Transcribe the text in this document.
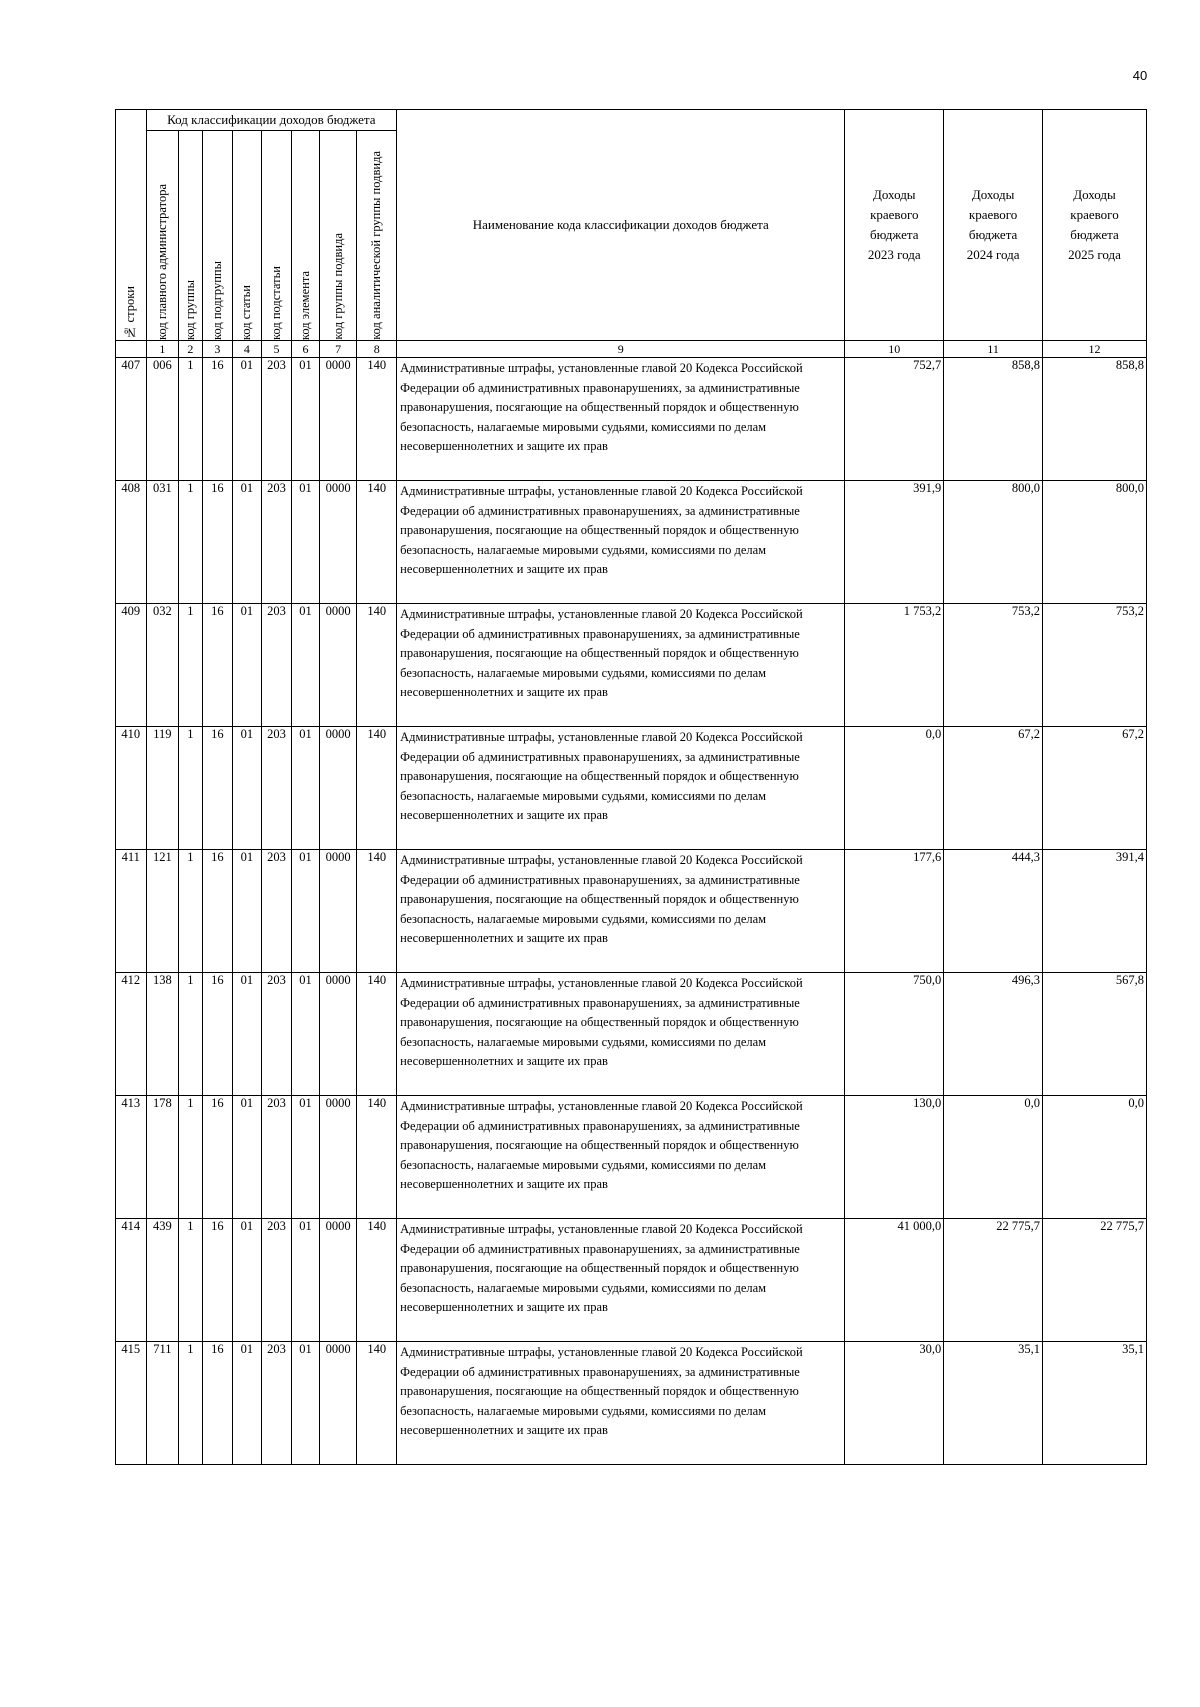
40
№ строки	Код классификации доходов бюджета								Наименование кода классификации доходов бюджета	Доходы краевого бюджета 2023 года	Доходы краевого бюджета 2024 года	Доходы краевого бюджета 2025 года

	код главного администратора	код группы	код подгруппы	код статьи	код подстатьи	код элемента	код группы подвида	код аналитической группы подвида				

	1	2	3	4	5	6	7	8	9	10	11	12
407	006	1	16	01	203	01	0000	140	Административные штрафы, установленные главой 20 Кодекса Российской Федерации об административных правонарушениях, за административные правонарушения, посягающие на общественный порядок и общественную безопасность, налагаемые мировыми судьями, комиссиями по делам несовершеннолетних и защите их прав	752,7	858,8	858,8
408	031	1	16	01	203	01	0000	140	Административные штрафы, установленные главой 20 Кодекса Российской Федерации об административных правонарушениях, за административные правонарушения, посягающие на общественный порядок и общественную безопасность, налагаемые мировыми судьями, комиссиями по делам несовершеннолетних и защите их прав	391,9	800,0	800,0
409	032	1	16	01	203	01	0000	140	Административные штрафы, установленные главой 20 Кодекса Российской Федерации об административных правонарушениях, за административные правонарушения, посягающие на общественный порядок и общественную безопасность, налагаемые мировыми судьями, комиссиями по делам несовершеннолетних и защите их прав	1 753,2	753,2	753,2
410	119	1	16	01	203	01	0000	140	Административные штрафы, установленные главой 20 Кодекса Российской Федерации об административных правонарушениях, за административные правонарушения, посягающие на общественный порядок и общественную безопасность, налагаемые мировыми судьями, комиссиями по делам несовершеннолетних и защите их прав	0,0	67,2	67,2
411	121	1	16	01	203	01	0000	140	Административные штрафы, установленные главой 20 Кодекса Российской Федерации об административных правонарушениях, за административные правонарушения, посягающие на общественный порядок и общественную безопасность, налагаемые мировыми судьями, комиссиями по делам несовершеннолетних и защите их прав	177,6	444,3	391,4
412	138	1	16	01	203	01	0000	140	Административные штрафы, установленные главой 20 Кодекса Российской Федерации об административных правонарушениях, за административные правонарушения, посягающие на общественный порядок и общественную безопасность, налагаемые мировыми судьями, комиссиями по делам несовершеннолетних и защите их прав	750,0	496,3	567,8
413	178	1	16	01	203	01	0000	140	Административные штрафы, установленные главой 20 Кодекса Российской Федерации об административных правонарушениях, за административные правонарушения, посягающие на общественный порядок и общественную безопасность, налагаемые мировыми судьями, комиссиями по делам несовершеннолетних и защите их прав	130,0	0,0	0,0
414	439	1	16	01	203	01	0000	140	Административные штрафы, установленные главой 20 Кодекса Российской Федерации об административных правонарушениях, за административные правонарушения, посягающие на общественный порядок и общественную безопасность, налагаемые мировыми судьями, комиссиями по делам несовершеннолетних и защите их прав	41 000,0	22 775,7	22 775,7
415	711	1	16	01	203	01	0000	140	Административные штрафы, установленные главой 20 Кодекса Российской Федерации об административных правонарушениях, за административные правонарушения, посягающие на общественный порядок и общественную безопасность, налагаемые мировыми судьями, комиссиями по делам несовершеннолетних и защите их прав	30,0	35,1	35,1
